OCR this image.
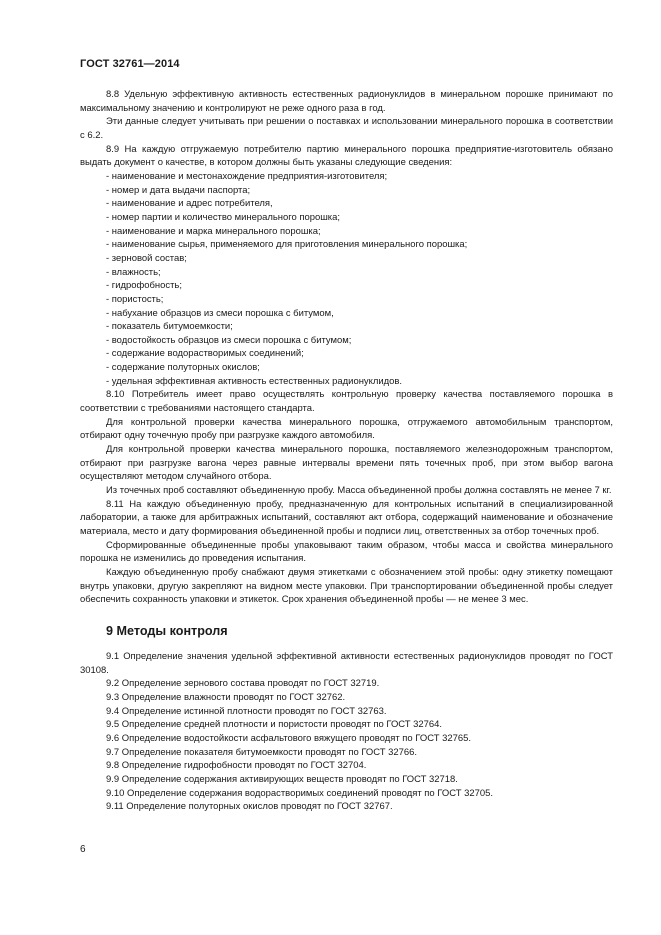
ГОСТ 32761—2014

8.8 Удельную эффективную активность естественных радионуклидов в минеральном порошке принимают по максимальному значению и контролируют не реже одного раза в год.

Эти данные следует учитывать при решении о поставках и использовании минерального порошка в соответствии с 6.2.

8.9 На каждую отгружаемую потребителю партию минерального порошка предприятие-изготовитель обязано выдать документ о качестве, в котором должны быть указаны следующие сведения:

- наименование и местонахождение предприятия-изготовителя;

- номер и дата выдачи паспорта;

- наименование и адрес потребителя,

- номер партии и количество минерального порошка;

- наименование и марка минерального порошка;

- наименование сырья, применяемого для приготовления минерального порошка;

- зерновой состав;

- влажность;

- гидрофобность;

- пористость;

- набухание образцов из смеси порошка с битумом,

- показатель битумоемкости;

- водостойкость образцов из смеси порошка с битумом;

- содержание водорастворимых соединений;

- содержание полуторных окислов;

- удельная эффективная активность естественных радионуклидов.

8.10 Потребитель имеет право осуществлять контрольную проверку качества поставляемого порошка в соответствии с требованиями настоящего стандарта.

Для контрольной проверки качества минерального порошка, отгружаемого автомобильным транспортом, отбирают одну точечную пробу при разгрузке каждого автомобиля.

Для контрольной проверки качества минерального порошка, поставляемого железнодорожным транспортом, отбирают при разгрузке вагона через равные интервалы времени пять точечных проб, при этом выбор вагона осуществляют методом случайного отбора.

Из точечных проб составляют объединенную пробу. Масса объединенной пробы должна составлять не менее 7 кг.

8.11 На каждую объединенную пробу, предназначенную для контрольных испытаний в специализированной лаборатории, а также для арбитражных испытаний, составляют акт отбора, содержащий наименование и обозначение материала, место и дату формирования объединенной пробы и подписи лиц, ответственных за отбор точечных проб.

Сформированные объединенные пробы упаковывают таким образом, чтобы масса и свойства минерального порошка не изменились до проведения испытания.

Каждую объединенную пробу снабжают двумя этикетками с обозначением этой пробы: одну этикетку помещают внутрь упаковки, другую закрепляют на видном месте упаковки. При транспортировании объединенной пробы следует обеспечить сохранность упаковки и этикеток. Срок хранения объединенной пробы — не менее 3 мес.

9 Методы контроля

9.1 Определение значения удельной эффективной активности естественных радионуклидов проводят по ГОСТ 30108.

9.2 Определение зернового состава проводят по ГОСТ 32719.

9.3 Определение влажности проводят по ГОСТ 32762.

9.4 Определение истинной плотности проводят по ГОСТ 32763.

9.5 Определение средней плотности и пористости проводят по ГОСТ 32764.

9.6 Определение водостойкости асфальтового вяжущего проводят по ГОСТ 32765.

9.7 Определение показателя битумоемкости проводят по ГОСТ 32766.

9.8 Определение гидрофобности проводят по ГОСТ 32704.

9.9 Определение содержания активирующих веществ проводят по ГОСТ 32718.

9.10 Определение содержания водорастворимых соединений проводят по ГОСТ 32705.

9.11 Определение полуторных окислов проводят по ГОСТ 32767.

6
